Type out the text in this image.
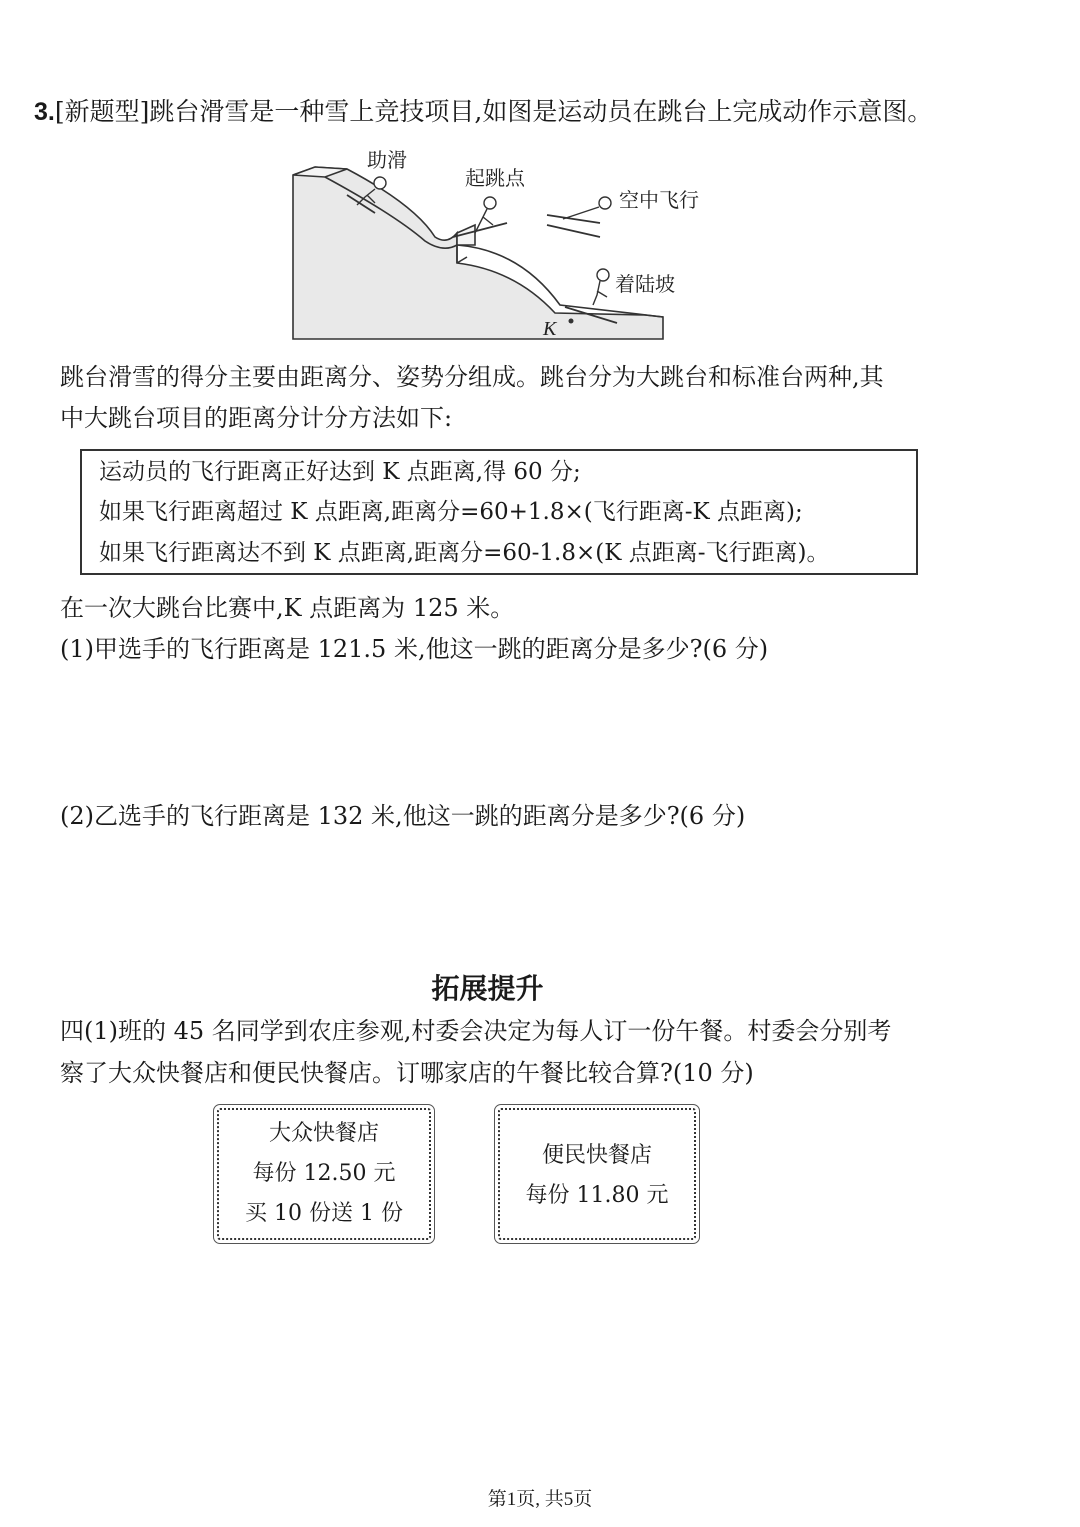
3.[新题型]跳台滑雪是一种雪上竞技项目,如图是运动员在跳台上完成动作示意图。
助滑
起跳点
空中飞行
着陆坡
K
跳台滑雪的得分主要由距离分、姿势分组成。跳台分为大跳台和标准台两种,其
中大跳台项目的距离分计分方法如下:
运动员的飞行距离正好达到 K 点距离,得 60 分;
如果飞行距离超过 K 点距离,距离分=60+1.8×(飞行距离-K 点距离);
如果飞行距离达不到 K 点距离,距离分=60-1.8×(K 点距离-飞行距离)。
在一次大跳台比赛中,K 点距离为 125 米。
(1)甲选手的飞行距离是 121.5 米,他这一跳的距离分是多少?(6 分)
(2)乙选手的飞行距离是 132 米,他这一跳的距离分是多少?(6 分)
拓展提升
四(1)班的 45 名同学到农庄参观,村委会决定为每人订一份午餐。村委会分别考
察了大众快餐店和便民快餐店。订哪家店的午餐比较合算?(10 分)
大众快餐店
每份 12.50 元
买 10 份送 1 份
便民快餐店
每份 11.80 元
第1页, 共5页
